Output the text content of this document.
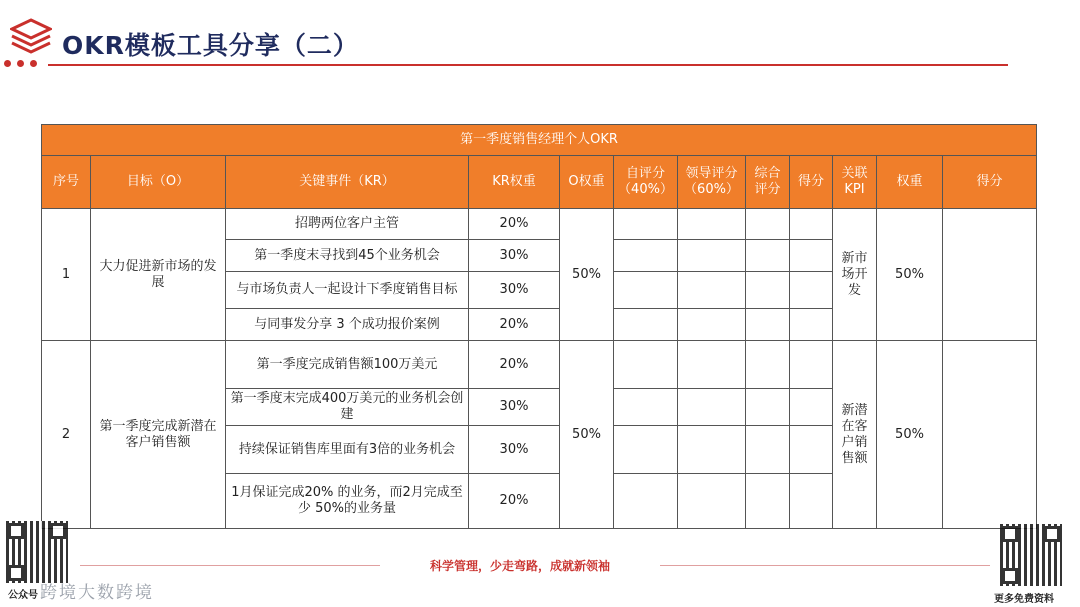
OKR模板工具分享（二）
第一季度销售经理个人OKR											
序号	目标（O）	关键事件（KR）	KR权重	O权重	自评分（40%）	领导评分（60%）	综合评分	得分	关联KPI	权重	得分
1	大力促进新市场的发展	招聘两位客户主管	20%	50%					新市场开发	50%	
		第一季度末寻找到45个业务机会	30%								
		与市场负责人一起设计下季度销售目标	30%								
		与同事发分享 3 个成功报价案例	20%								
2	第一季度完成新潜在客户销售额	第一季度完成销售额100万美元	20%	50%					新潜在客户销售额	50%	
		第一季度末完成400万美元的业务机会创建	30%								
		持续保证销售库里面有3倍的业务机会	30%								
		1月保证完成20% 的业务，而2月完成至少 50%的业务量	20%								
科学管理，少走弯路，成就新领袖
跨境大数跨境
公众号	更多免费资料
